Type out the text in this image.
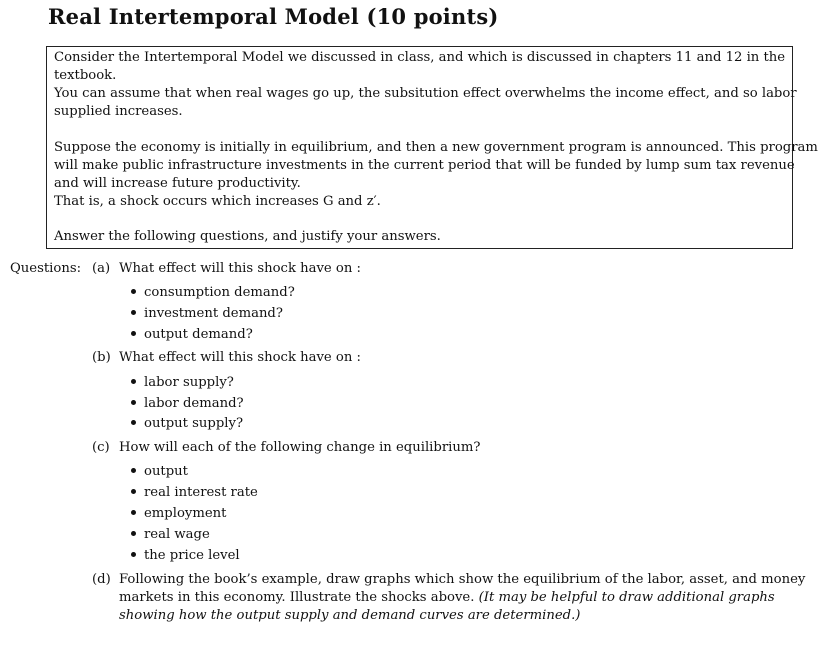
Real Intertemporal Model (10 points)
Consider the Intertemporal Model we discussed in class, and which is discussed in chapters 11 and 12 in the
textbook.
You can assume that when real wages go up, the subsitution effect overwhelms the income effect, and so labor
supplied increases.
Suppose the economy is initially in equilibrium, and then a new government program is announced. This program
will make public infrastructure investments in the current period that will be funded by lump sum tax revenue
and will increase future productivity.
That is, a shock occurs which increases G and z′.
Answer the following questions, and justify your answers.
Questions: (a) What effect will this shock have on :
consumption demand?
investment demand?
output demand?
(b) What effect will this shock have on :
labor supply?
labor demand?
output supply?
(c) How will each of the following change in equilibrium?
output
real interest rate
employment
real wage
the price level
(d) Following the book’s example, draw graphs which show the equilibrium of the labor, asset, and money
markets in this economy. Illustrate the shocks above. (It may be helpful to draw additional graphs
showing how the output supply and demand curves are determined.)
